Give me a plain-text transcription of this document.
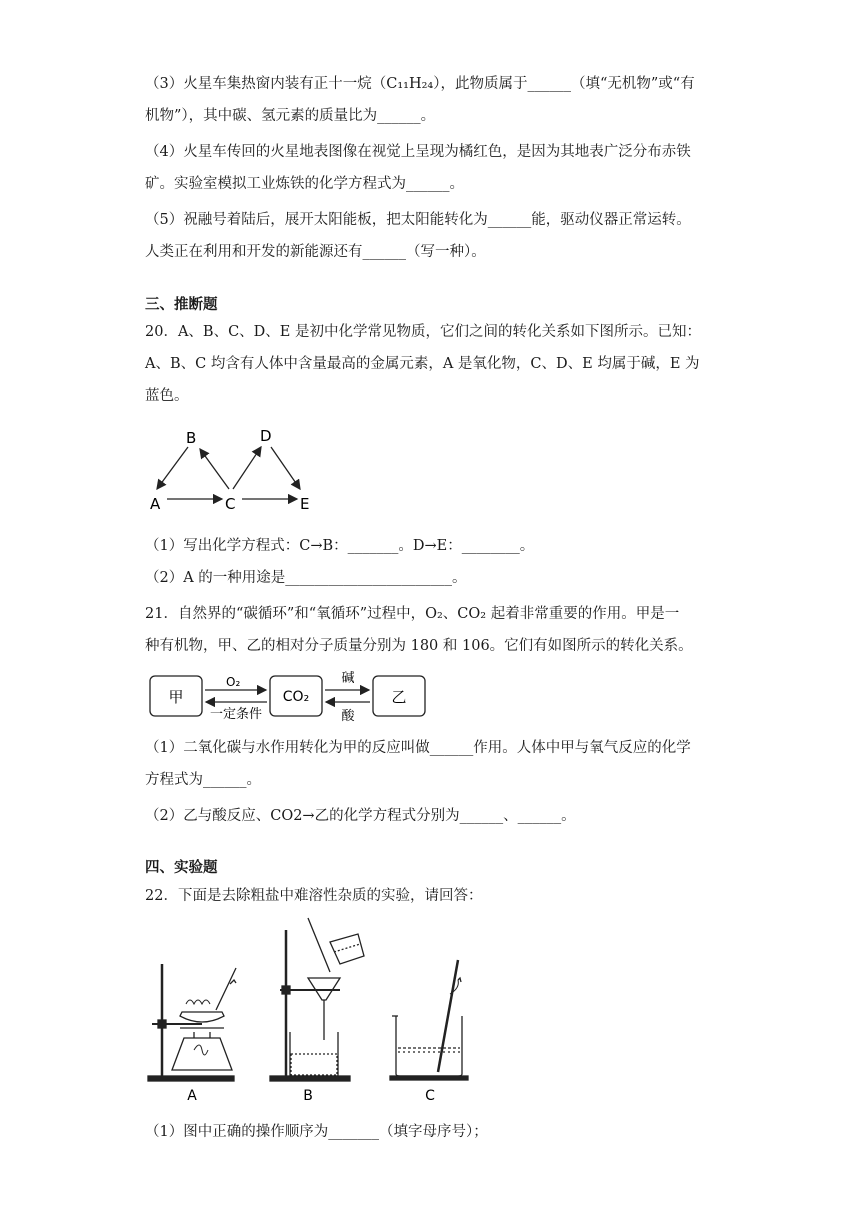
（3）火星车集热窗内装有正十一烷（C₁₁H₂₄），此物质属于______（填“无机物”或“有
机物”），其中碳、氢元素的质量比为______。
（4）火星车传回的火星地表图像在视觉上呈现为橘红色，是因为其地表广泛分布赤铁
矿。实验室模拟工业炼铁的化学方程式为______。
（5）祝融号着陆后，展开太阳能板，把太阳能转化为______能，驱动仪器正常运转。
人类正在利用和开发的新能源还有______（写一种）。
三、推断题
20．A、B、C、D、E 是初中化学常见物质，它们之间的转化关系如下图所示。已知：
A、B、C 均含有人体中含量最高的金属元素，A 是氧化物，C、D、E 均属于碱，E 为
蓝色。
B	D
A	C	E
（1）写出化学方程式：C→B：_______。D→E：________。
（2）A 的一种用途是_______________________。
21．自然界的“碳循环”和“氧循环”过程中，O₂、CO₂ 起着非常重要的作用。甲是一
种有机物，甲、乙的相对分子质量分别为 180 和 106。它们有如图所示的转化关系。
甲	CO₂	乙
O₂
一定条件
碱
酸
（1）二氧化碳与水作用转化为甲的反应叫做______作用。人体中甲与氧气反应的化学
方程式为______。
（2）乙与酸反应、CO2→乙的化学方程式分别为______、______。
四、实验题
22．下面是去除粗盐中难溶性杂质的实验，请回答：
A	B	C
（1）图中正确的操作顺序为_______（填字母序号）；
